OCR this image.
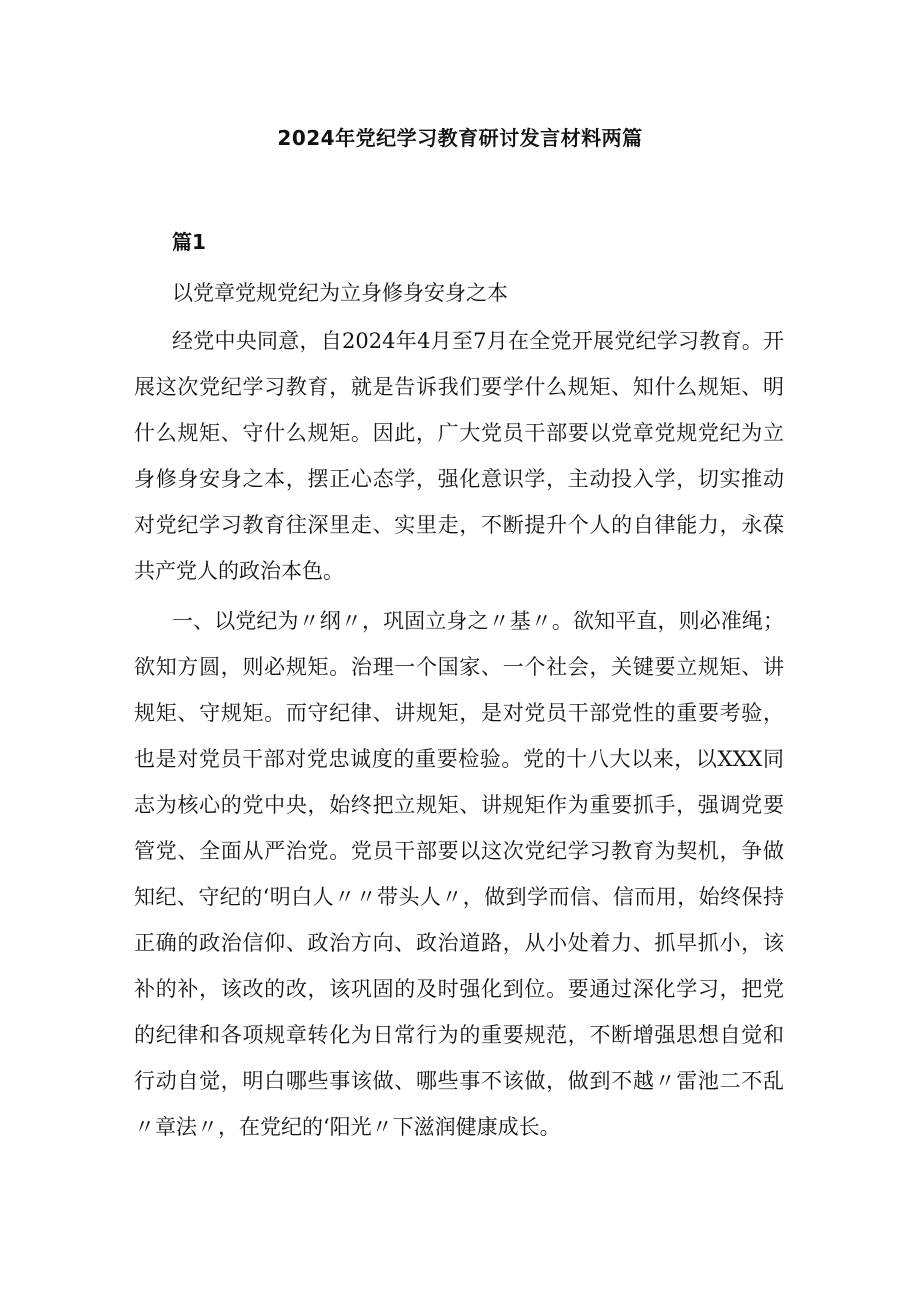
2024年党纪学习教育研讨发言材料两篇
篇1

以党章党规党纪为立身修身安身之本

经党中央同意，自2024年4月至7月在全党开展党纪学习教育。开展这次党纪学习教育，就是告诉我们要学什么规矩、知什么规矩、明什么规矩、守什么规矩。因此，广大党员干部要以党章党规党纪为立身修身安身之本，摆正心态学，强化意识学，主动投入学，切实推动对党纪学习教育往深里走、实里走，不断提升个人的自律能力，永葆共产党人的政治本色。

一、以党纪为〃纲〃，巩固立身之〃基〃。欲知平直，则必准绳；欲知方圆，则必规矩。治理一个国家、一个社会，关键要立规矩、讲规矩、守规矩。而守纪律、讲规矩，是对党员干部党性的重要考验，也是对党员干部对党忠诚度的重要检验。党的十八大以来，以XXX同志为核心的党中央，始终把立规矩、讲规矩作为重要抓手，强调党要管党、全面从严治党。党员干部要以这次党纪学习教育为契机，争做知纪、守纪的‘明白人〃〃带头人〃，做到学而信、信而用，始终保持正确的政治信仰、政治方向、政治道路，从小处着力、抓早抓小，该补的补，该改的改，该巩固的及时强化到位。要通过深化学习，把党的纪律和各项规章转化为日常行为的重要规范，不断增强思想自觉和行动自觉，明白哪些事该做、哪些事不该做，做到不越〃雷池二不乱〃章法〃，在党纪的‘阳光〃下滋润健康成长。
